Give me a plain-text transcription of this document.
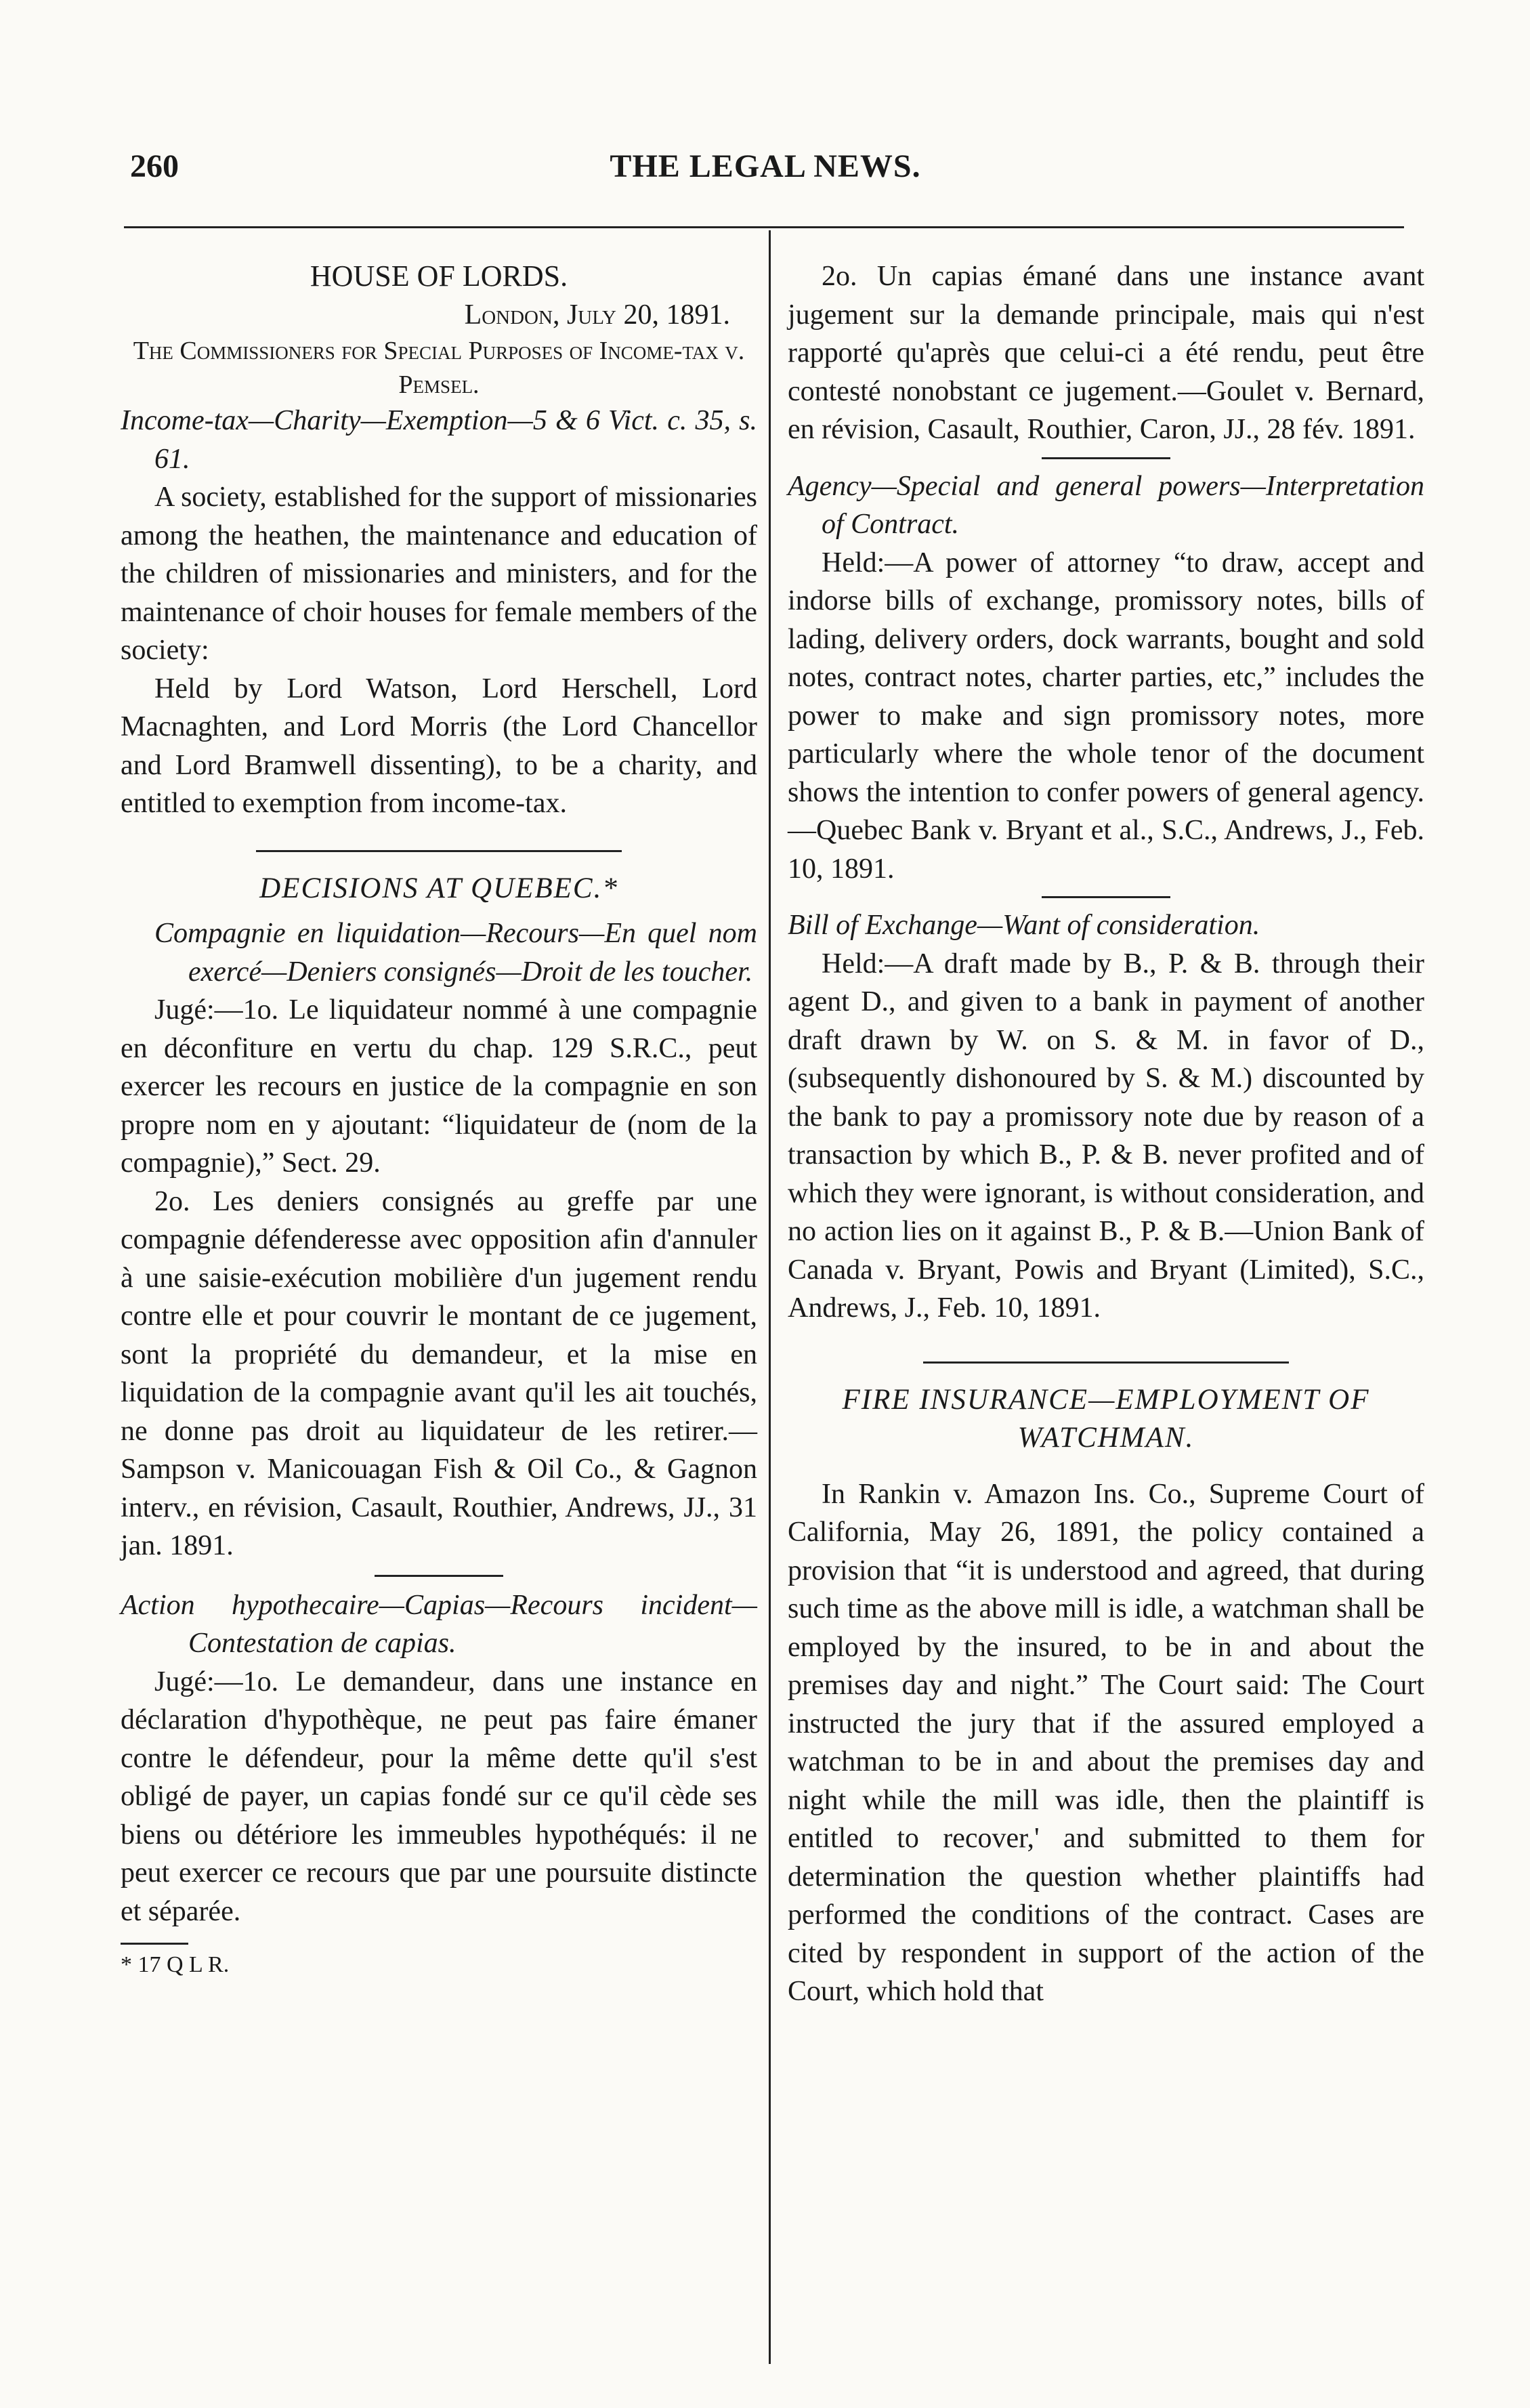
260	THE LEGAL NEWS.

HOUSE OF LORDS.

London, July 20, 1891.

The Commissioners for Special Purposes of Income-tax v. Pemsel.

Income-tax—Charity—Exemption—5 & 6 Vict. c. 35, s. 61.

A society, established for the support of missionaries among the heathen, the maintenance and education of the children of missionaries and ministers, and for the maintenance of choir houses for female members of the society:

Held by Lord Watson, Lord Herschell, Lord Macnaghten, and Lord Morris (the Lord Chancellor and Lord Bramwell dissenting), to be a charity, and entitled to exemption from income-tax.

DECISIONS AT QUEBEC.*

Compagnie en liquidation—Recours—En quel nom exercé—Deniers consignés—Droit de les toucher.

Jugé:—1o. Le liquidateur nommé à une compagnie en déconfiture en vertu du chap. 129 S.R.C., peut exercer les recours en justice de la compagnie en son propre nom en y ajoutant: “liquidateur de (nom de la compagnie),” Sect. 29.

2o. Les deniers consignés au greffe par une compagnie défenderesse avec opposition afin d'annuler à une saisie-exécution mobilière d'un jugement rendu contre elle et pour couvrir le montant de ce jugement, sont la propriété du demandeur, et la mise en liquidation de la compagnie avant qu'il les ait touchés, ne donne pas droit au liquidateur de les retirer.—Sampson v. Manicouagan Fish & Oil Co., & Gagnon interv., en révision, Casault, Routhier, Andrews, JJ., 31 jan. 1891.

Action hypothecaire—Capias—Recours incident—Contestation de capias.

Jugé:—1o. Le demandeur, dans une instance en déclaration d'hypothèque, ne peut pas faire émaner contre le défendeur, pour la même dette qu'il s'est obligé de payer, un capias fondé sur ce qu'il cède ses biens ou détériore les immeubles hypothéqués: il ne peut exercer ce recours que par une poursuite distincte et séparée.

* 17 Q L R.

2o. Un capias émané dans une instance avant jugement sur la demande principale, mais qui n'est rapporté qu'après que celui-ci a été rendu, peut être contesté nonobstant ce jugement.—Goulet v. Bernard, en révision, Casault, Routhier, Caron, JJ., 28 fév. 1891.

Agency—Special and general powers—Interpretation of Contract.

Held:—A power of attorney “to draw, accept and indorse bills of exchange, promissory notes, bills of lading, delivery orders, dock warrants, bought and sold notes, contract notes, charter parties, etc,” includes the power to make and sign promissory notes, more particularly where the whole tenor of the document shows the intention to confer powers of general agency.—Quebec Bank v. Bryant et al., S.C., Andrews, J., Feb. 10, 1891.

Bill of Exchange—Want of consideration.

Held:—A draft made by B., P. & B. through their agent D., and given to a bank in payment of another draft drawn by W. on S. & M. in favor of D., (subsequently dishonoured by S. & M.) discounted by the bank to pay a promissory note due by reason of a transaction by which B., P. & B. never profited and of which they were ignorant, is without consideration, and no action lies on it against B., P. & B.—Union Bank of Canada v. Bryant, Powis and Bryant (Limited), S.C., Andrews, J., Feb. 10, 1891.

FIRE INSURANCE—EMPLOYMENT OF WATCHMAN.

In Rankin v. Amazon Ins. Co., Supreme Court of California, May 26, 1891, the policy contained a provision that “it is understood and agreed, that during such time as the above mill is idle, a watchman shall be employed by the insured, to be in and about the premises day and night.” The Court said: The Court instructed the jury that if the assured employed a watchman to be in and about the premises day and night while the mill was idle, then the plaintiff is entitled to recover,' and submitted to them for determination the question whether plaintiffs had performed the conditions of the contract. Cases are cited by respondent in support of the action of the Court, which hold that
